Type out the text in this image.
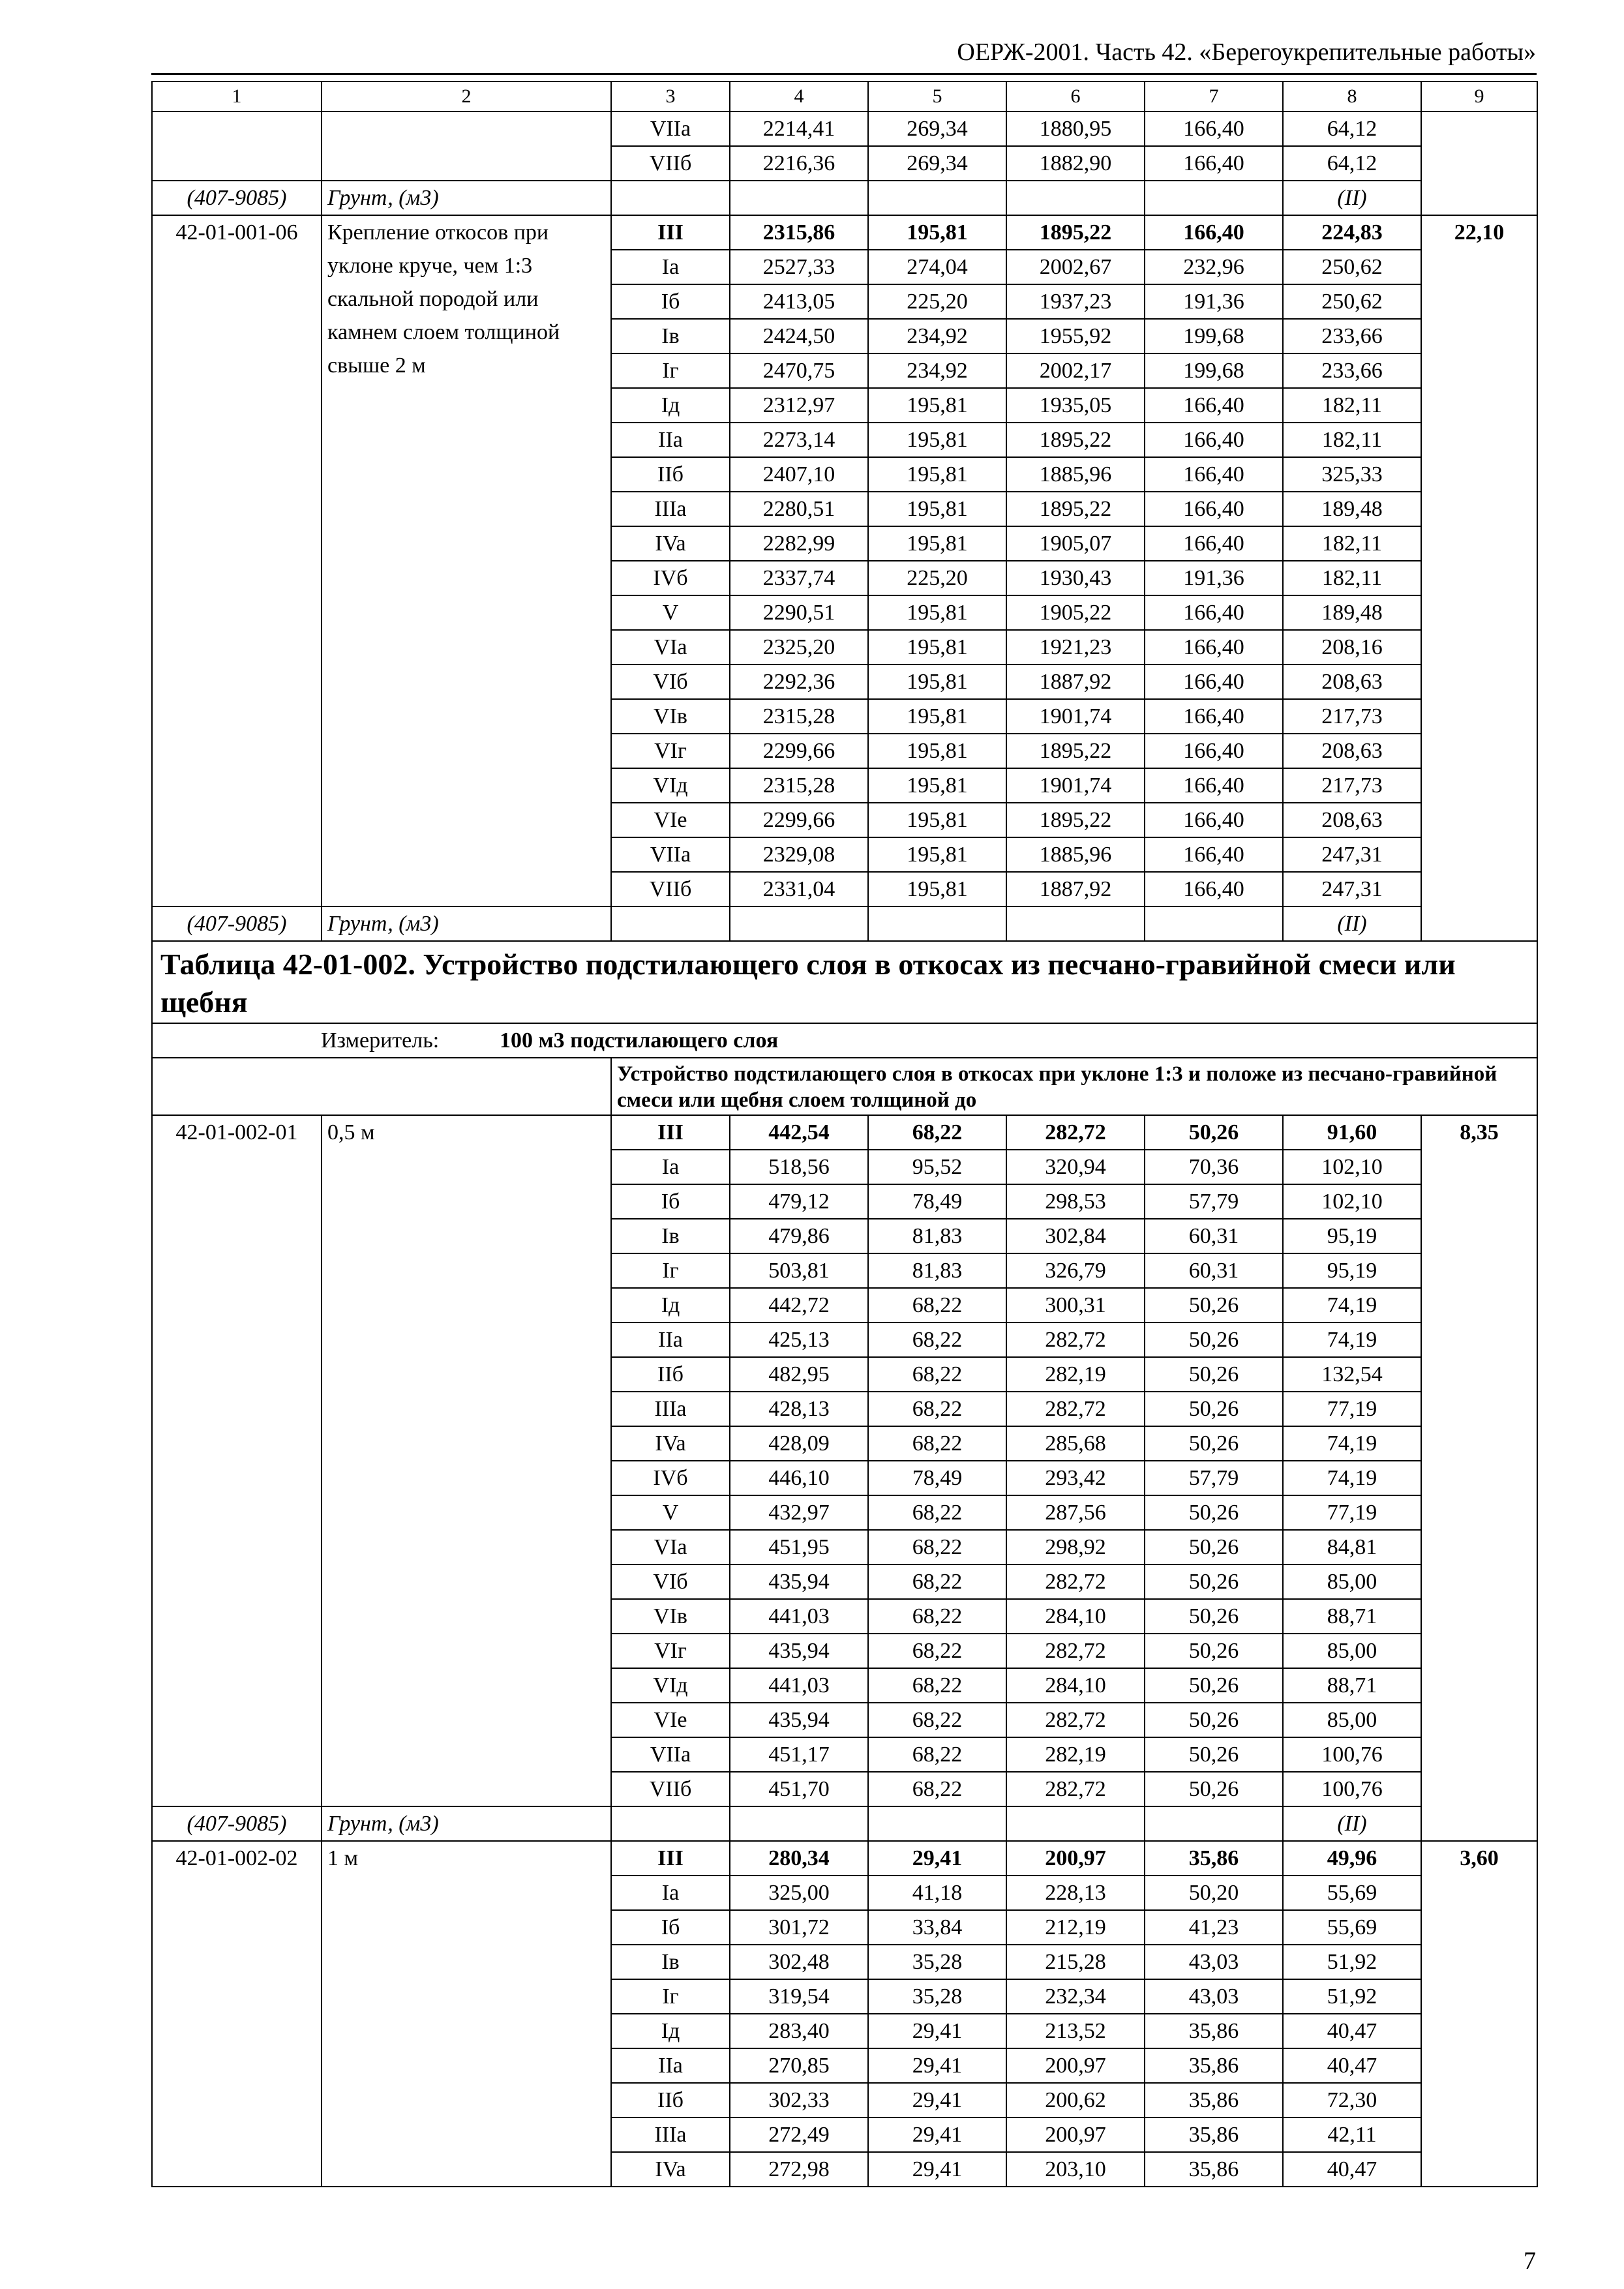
ОЕРЖ-2001. Часть 42. «Берегоукрепительные работы»
1	2	3	4	5	6	7	8	9
		VIIa	2214,41	269,34	1880,95	166,40	64,12	
		VIIб	2216,36	269,34	1882,90	166,40	64,12	
(407-9085)	Грунт, (м3)						(II)	
42-01-001-06	Крепление откосов при
уклоне круче, чем 1:3
скальной породой или
камнем слоем толщиной
свыше 2 м	III	2315,86	195,81	1895,22	166,40	224,83	22,10
		Ia	2527,33	274,04	2002,67	232,96	250,62	
		Iб	2413,05	225,20	1937,23	191,36	250,62	
		Iв	2424,50	234,92	1955,92	199,68	233,66	
		Iг	2470,75	234,92	2002,17	199,68	233,66	
		Iд	2312,97	195,81	1935,05	166,40	182,11	
		IIa	2273,14	195,81	1895,22	166,40	182,11	
		IIб	2407,10	195,81	1885,96	166,40	325,33	
		IIIa	2280,51	195,81	1895,22	166,40	189,48	
		IVa	2282,99	195,81	1905,07	166,40	182,11	
		IVб	2337,74	225,20	1930,43	191,36	182,11	
		V	2290,51	195,81	1905,22	166,40	189,48	
		VIa	2325,20	195,81	1921,23	166,40	208,16	
		VIб	2292,36	195,81	1887,92	166,40	208,63	
		VIв	2315,28	195,81	1901,74	166,40	217,73	
		VIг	2299,66	195,81	1895,22	166,40	208,63	
		VIд	2315,28	195,81	1901,74	166,40	217,73	
		VIe	2299,66	195,81	1895,22	166,40	208,63	
		VIIa	2329,08	195,81	1885,96	166,40	247,31	
		VIIб	2331,04	195,81	1887,92	166,40	247,31	
(407-9085)	Грунт, (м3)						(II)	
Таблица 42-01-002. Устройство подстилающего слоя в откосах из песчано-гравийной смеси или щебня								
Измеритель: 100 м3 подстилающего слоя								
		Устройство подстилающего слоя в откосах при уклоне 1:3 и положе из песчано-гравийной смеси или щебня слоем толщиной до						
42-01-002-01	0,5 м	III	442,54	68,22	282,72	50,26	91,60	8,35
		Ia	518,56	95,52	320,94	70,36	102,10	
		Iб	479,12	78,49	298,53	57,79	102,10	
		Iв	479,86	81,83	302,84	60,31	95,19	
		Iг	503,81	81,83	326,79	60,31	95,19	
		Iд	442,72	68,22	300,31	50,26	74,19	
		IIa	425,13	68,22	282,72	50,26	74,19	
		IIб	482,95	68,22	282,19	50,26	132,54	
		IIIa	428,13	68,22	282,72	50,26	77,19	
		IVa	428,09	68,22	285,68	50,26	74,19	
		IVб	446,10	78,49	293,42	57,79	74,19	
		V	432,97	68,22	287,56	50,26	77,19	
		VIa	451,95	68,22	298,92	50,26	84,81	
		VIб	435,94	68,22	282,72	50,26	85,00	
		VIв	441,03	68,22	284,10	50,26	88,71	
		VIг	435,94	68,22	282,72	50,26	85,00	
		VIд	441,03	68,22	284,10	50,26	88,71	
		VIe	435,94	68,22	282,72	50,26	85,00	
		VIIa	451,17	68,22	282,19	50,26	100,76	
		VIIб	451,70	68,22	282,72	50,26	100,76	
(407-9085)	Грунт, (м3)						(II)	
42-01-002-02	1 м	III	280,34	29,41	200,97	35,86	49,96	3,60
		Ia	325,00	41,18	228,13	50,20	55,69	
		Iб	301,72	33,84	212,19	41,23	55,69	
		Iв	302,48	35,28	215,28	43,03	51,92	
		Iг	319,54	35,28	232,34	43,03	51,92	
		Iд	283,40	29,41	213,52	35,86	40,47	
		IIa	270,85	29,41	200,97	35,86	40,47	
		IIб	302,33	29,41	200,62	35,86	72,30	
		IIIa	272,49	29,41	200,97	35,86	42,11	
		IVa	272,98	29,41	203,10	35,86	40,47	
7
